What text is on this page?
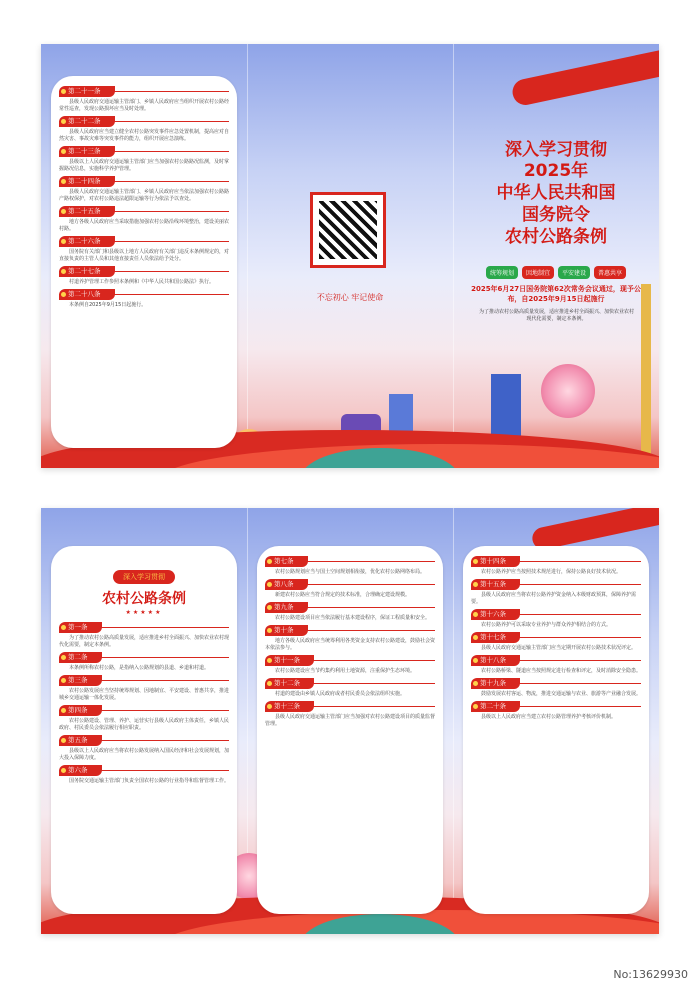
第二十一条
县级人民政府交通运输主管部门、乡镇人民政府应当组织开展农村公路经常性巡查，发现公路损坏应当及时处理。
第二十二条
县级人民政府应当建立健全农村公路突发事件应急处置机制，提高应对自然灾害、事故灾难等突发事件的能力，组织开展应急演练。
第二十三条
县级以上人民政府交通运输主管部门应当加强农村公路路况监测，及时掌握路况信息，实施科学养护管理。
第二十四条
县级人民政府交通运输主管部门、乡镇人民政府应当依法加强农村公路路产路权保护，对农村公路违法超限运输等行为依法予以查处。
第二十五条
地方各级人民政府应当采取措施加强农村公路沿线环境整治，建设美丽农村路。
第二十六条
国务院有关部门和县级以上地方人民政府有关部门违反本条例规定的，对直接负责的主管人员和其他直接责任人员依法给予处分。
第二十七条
村道养护管理工作参照本条例和《中华人民共和国公路法》执行。
第二十八条
本条例自2025年9月15日起施行。
不忘初心 牢记使命
深入学习贯彻
2025年
中华人民共和国
国务院令
农村公路条例
统筹规划 因地制宜 平安建设 普惠共享
2025年6月27日国务院第62次常务会议通过，现予公布，自2025年9月15日起施行
为了推动农村公路高质量发展，适应推进乡村全面振兴、加快农业农村现代化需要，制定本条例。
深入学习贯彻
农村公路条例
★★★★★
第一条
为了推动农村公路高质量发展，适应推进乡村全面振兴、加快农业农村现代化需要，制定本条例。
第二条
本条例所称农村公路，是指纳入公路规划的县道、乡道和村道。
第三条
农村公路发展应当坚持统筹规划、因地制宜、平安建设、普惠共享，推进城乡交通运输一体化发展。
第四条
农村公路建设、管理、养护、运营实行县级人民政府主体责任，乡镇人民政府、村民委员会依法履行相应职责。
第五条
县级以上人民政府应当将农村公路发展纳入国民经济和社会发展规划，加大投入保障力度。
第六条
国务院交通运输主管部门负责全国农村公路的行业指导和监督管理工作。
第七条
农村公路规划应当与国土空间规划相衔接，优化农村公路网络布局。
第八条
新建农村公路应当符合规定的技术标准，合理确定建设规模。
第九条
农村公路建设项目应当依法履行基本建设程序，保证工程质量和安全。
第十条
地方各级人民政府应当统筹利用各类资金支持农村公路建设，鼓励社会资本依法参与。
第十一条
农村公路建设应当节约集约利用土地资源，注重保护生态环境。
第十二条
村道的建设由乡镇人民政府或者村民委员会依法组织实施。
第十三条
县级人民政府交通运输主管部门应当加强对农村公路建设项目的质量监督管理。
第十四条
农村公路养护应当按照技术规范进行，保持公路良好技术状况。
第十五条
县级人民政府应当将农村公路养护资金纳入本级财政预算，保障养护需要。
第十六条
农村公路养护可以采取专业养护与群众养护相结合的方式。
第十七条
县级人民政府交通运输主管部门应当定期开展农村公路技术状况评定。
第十八条
农村公路桥梁、隧道应当按照规定进行检查和评定，及时消除安全隐患。
第十九条
鼓励发展农村客运、物流，推进交通运输与农业、旅游等产业融合发展。
第二十条
县级以上人民政府应当建立农村公路管理养护考核评价机制。
No:13629930
